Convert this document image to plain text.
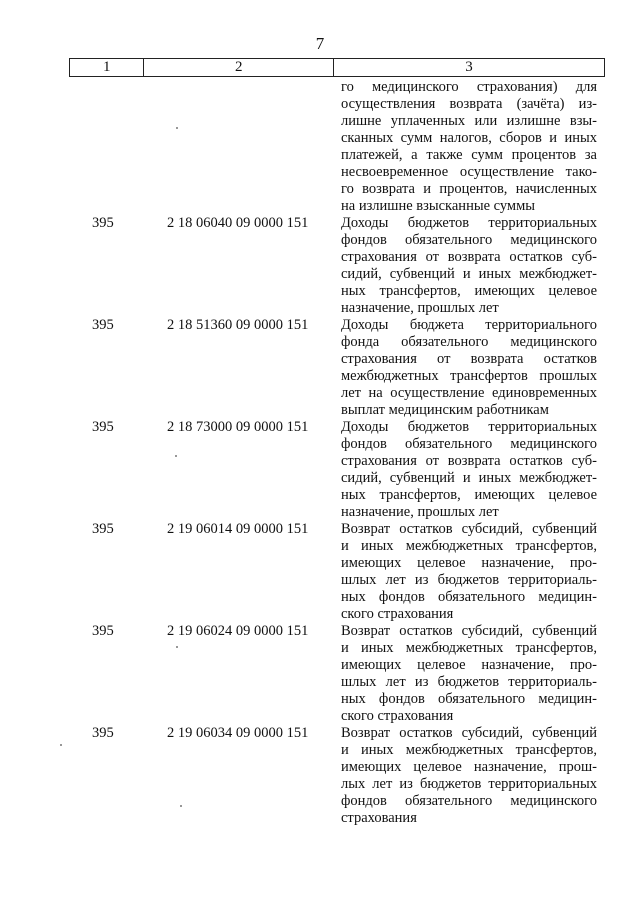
7
1	2	3
го медицинского страхования) для
осуществления возврата (зачёта) из-
лишне уплаченных или излишне взы-
сканных сумм налогов, сборов и иных
платежей, а также сумм процентов за
несвоевременное осуществление тако-
го возврата и процентов, начисленных
на излишне взысканные суммы
395	2 18 06040 09 0000 151 Доходы бюджетов территориальных
фондов обязательного медицинского
страхования от возврата остатков суб-
сидий, субвенций и иных межбюджет-
ных трансфертов, имеющих целевое
назначение, прошлых лет
395	2 18 51360 09 0000 151 Доходы бюджета территориального
фонда обязательного медицинского
страхования от возврата остатков
межбюджетных трансфертов прошлых
лет на осуществление единовременных
выплат медицинским работникам
395	2 18 73000 09 0000 151 Доходы бюджетов территориальных
фондов обязательного медицинского
страхования от возврата остатков суб-
сидий, субвенций и иных межбюджет-
ных трансфертов, имеющих целевое
назначение, прошлых лет
395	2 19 06014 09 0000 151 Возврат остатков субсидий, субвенций
и иных межбюджетных трансфертов,
имеющих целевое назначение, про-
шлых лет из бюджетов территориаль-
ных фондов обязательного медицин-
ского страхования
395	2 19 06024 09 0000 151 Возврат остатков субсидий, субвенций
и иных межбюджетных трансфертов,
имеющих целевое назначение, про-
шлых лет из бюджетов территориаль-
ных фондов обязательного медицин-
ского страхования
395	2 19 06034 09 0000 151 Возврат остатков субсидий, субвенций
и иных межбюджетных трансфертов,
имеющих целевое назначение, прош-
лых лет из бюджетов территориальных
фондов обязательного медицинского
страхования
